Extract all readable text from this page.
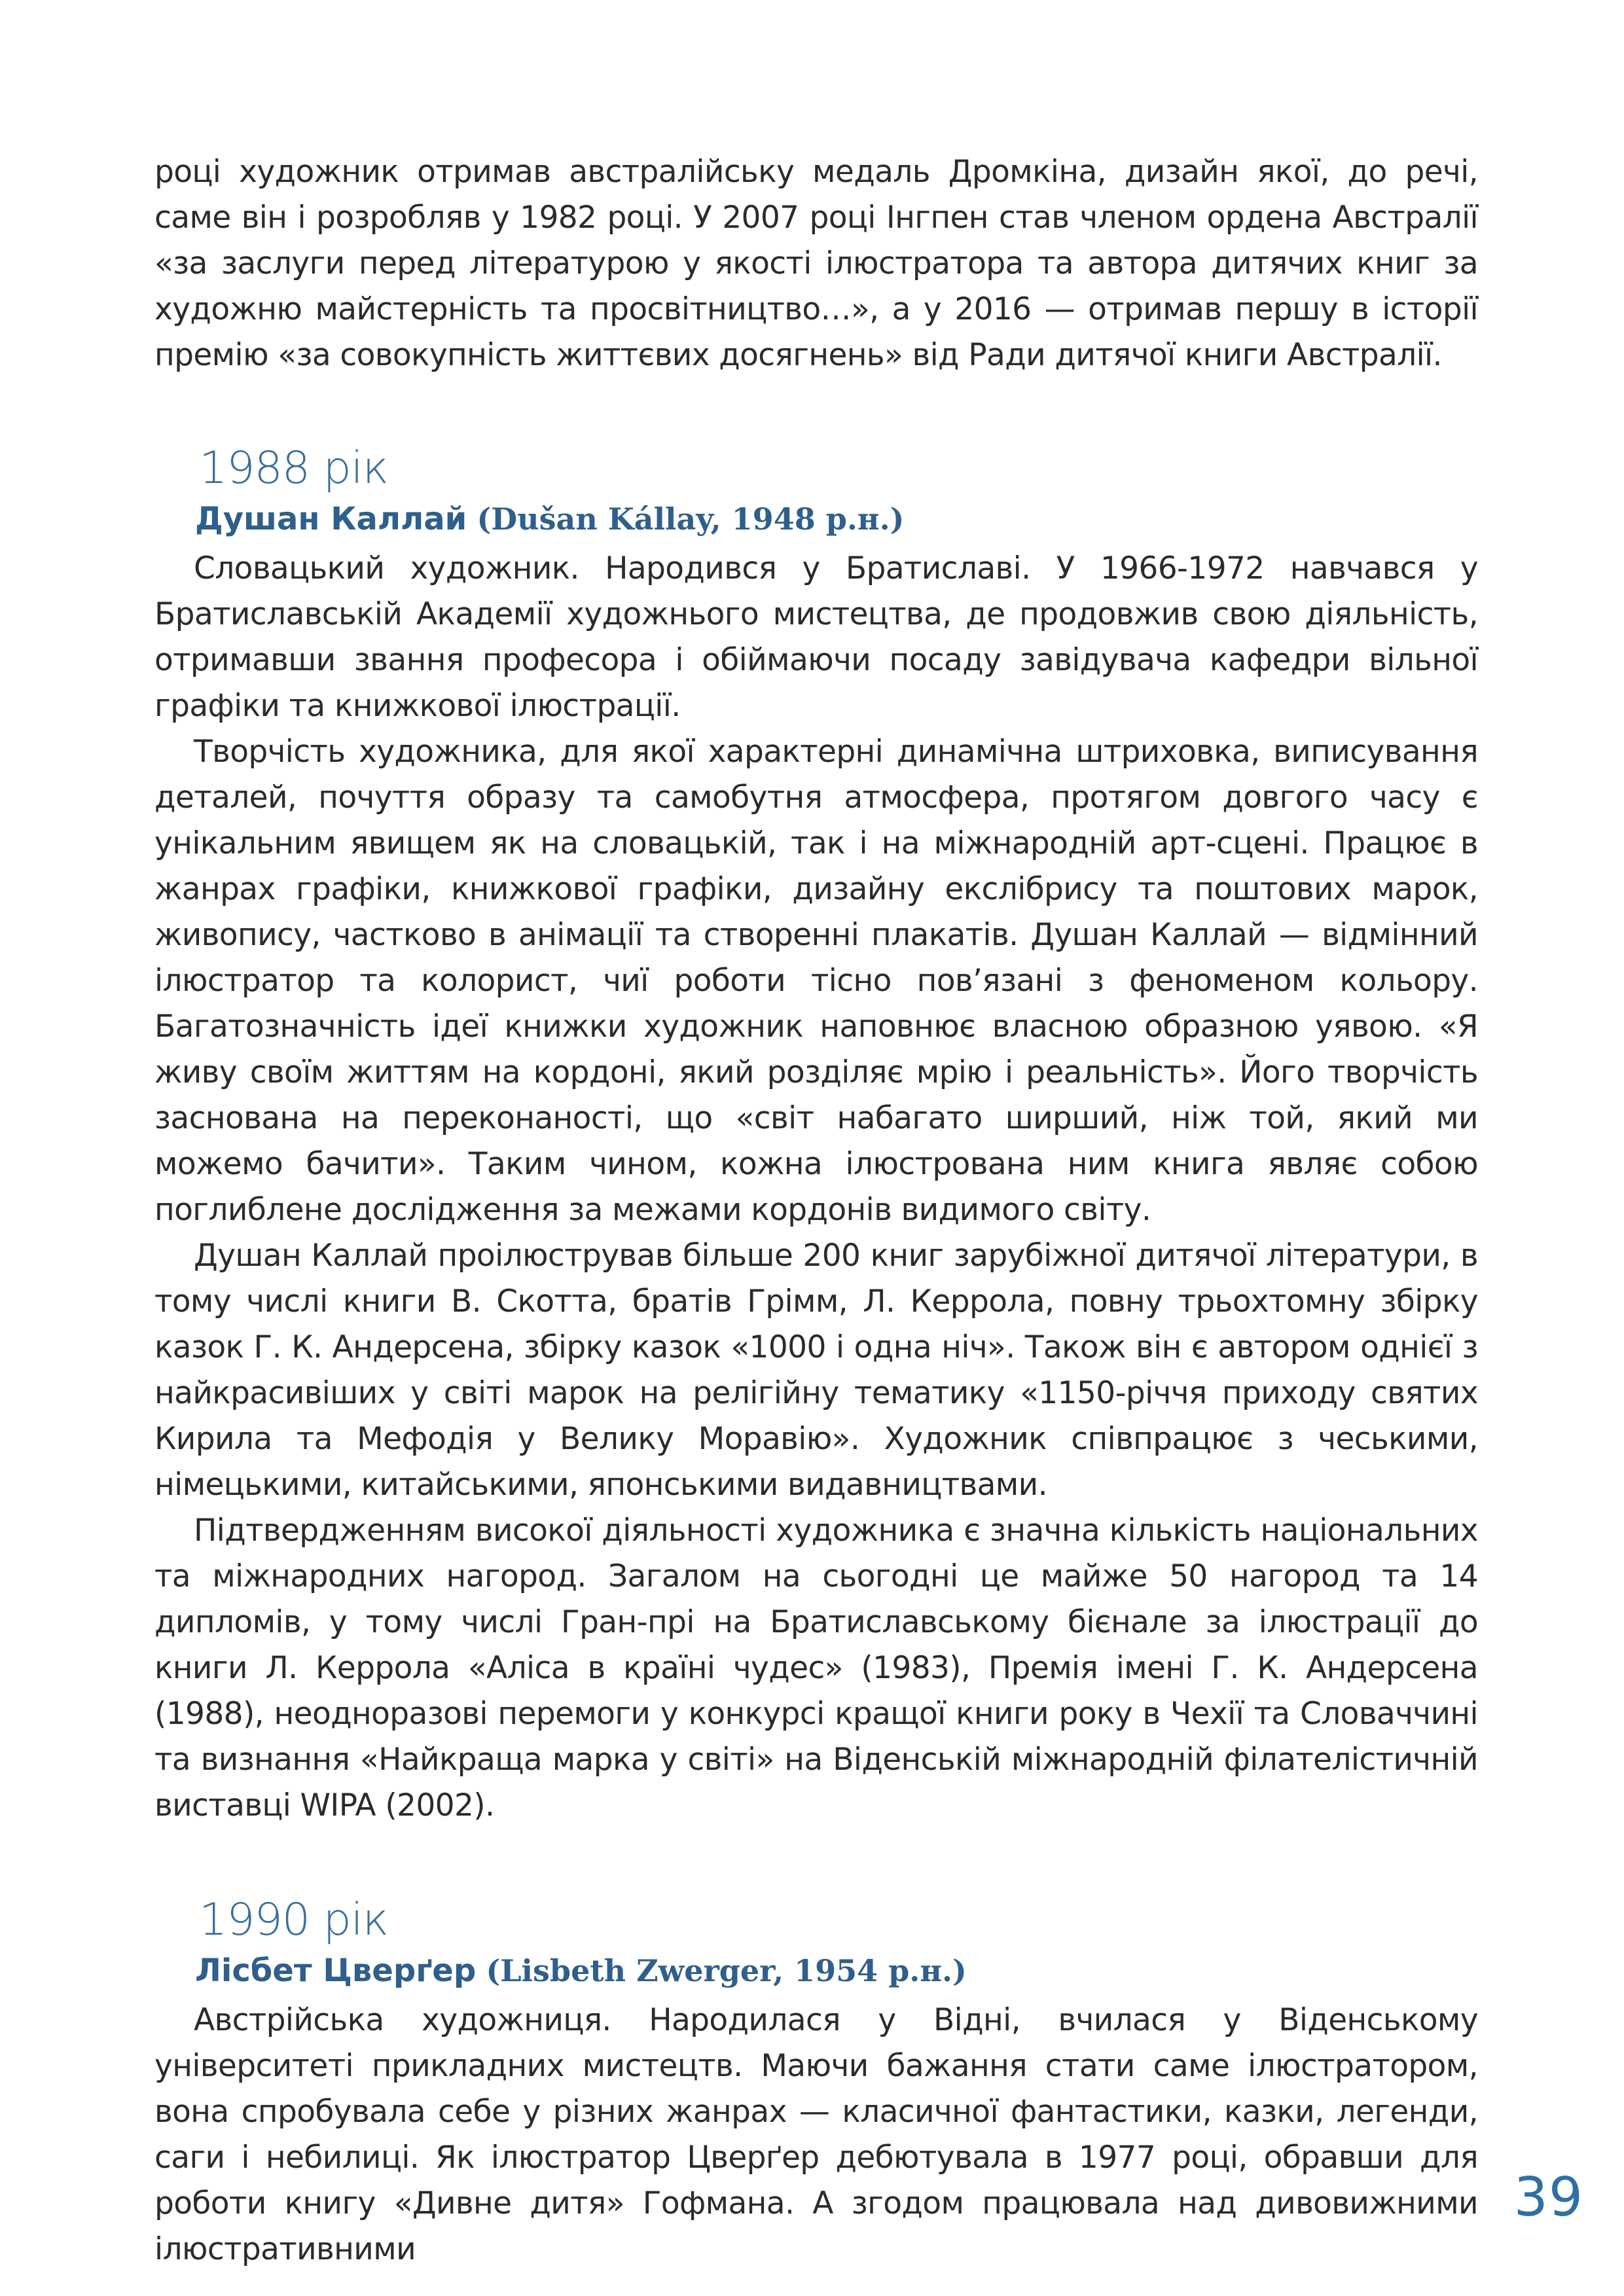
році художник отримав австралійську медаль Дромкіна, дизайн якої, до речі, саме він і розробляв у 1982 році. У 2007 році Інгпен став членом ордена Австралії «за заслуги перед літературою у якості ілюстратора та автора дитячих книг за художню майстерність та просвітництво…», а у 2016 — отримав першу в історії премію «за совокупність життєвих досягнень» від Ради дитячої книги Австралії.

1988 рік
Душан Каллай (Dušan Kállay, 1948 р.н.)

Словацький художник. Народився у Братиславі. У 1966-1972 навчався у Братиславській Академії художнього мистецтва, де продовжив свою діяльність, отримавши звання професора і обіймаючи посаду завідувача кафедри вільної графіки та книжкової ілюстрації.

Творчість художника, для якої характерні динамічна штриховка, виписування деталей, почуття образу та самобутня атмосфера, протягом довгого часу є унікальним явищем як на словацькій, так і на міжнародній арт-сцені. Працює в жанрах графіки, книжкової графіки, дизайну екслібрису та поштових марок, живопису, частково в анімації та створенні плакатів. Душан Каллай — відмінний ілюстратор та колорист, чиї роботи тісно пов’язані з феноменом кольору. Багатозначність ідеї книжки художник наповнює власною образною уявою. «Я живу своїм життям на кордоні, який розділяє мрію і реальність». Його творчість заснована на переконаності, що «світ набагато ширший, ніж той, який ми можемо бачити». Таким чином, кожна ілюстрована ним книга являє собою поглиблене дослідження за межами кордонів видимого світу.

Душан Каллай проілюстрував більше 200 книг зарубіжної дитячої літератури, в тому числі книги В. Скотта, братів Грімм, Л. Керрола, повну трьохтомну збірку казок Г. К. Андерсена, збірку казок «1000 і одна ніч». Також він є автором однієї з найкрасивіших у світі марок на релігійну тематику «1150-річчя приходу святих Кирила та Мефодія у Велику Моравію». Художник співпрацює з чеськими, німецькими, китайськими, японськими видавництвами.

Підтвердженням високої діяльності художника є значна кількість національних та міжнародних нагород. Загалом на сьогодні це майже 50 нагород та 14 дипломів, у тому числі Гран-прі на Братиславському бієнале за ілюстрації до книги Л. Керрола «Аліса в країні чудес» (1983), Премія імені Г. К. Андерсена (1988), неодноразові перемоги у конкурсі кращої книги року в Чехії та Словаччині та визнання «Найкраща марка у світі» на Віденській міжнародній філателістичній виставці WIPA (2002).

1990 рік
Лісбет Цверґер (Lisbeth Zwerger, 1954 р.н.)

Австрійська художниця. Народилася у Відні, вчилася у Віденському університеті прикладних мистецтв. Маючи бажання стати саме ілюстратором, вона спробувала себе у різних жанрах — класичної фантастики, казки, легенди, саги і небилиці. Як ілюстратор Цверґер дебютувала в 1977 році, обравши для роботи книгу «Дивне дитя» Гофмана. А згодом працювала над дивовижними ілюстративними

39
